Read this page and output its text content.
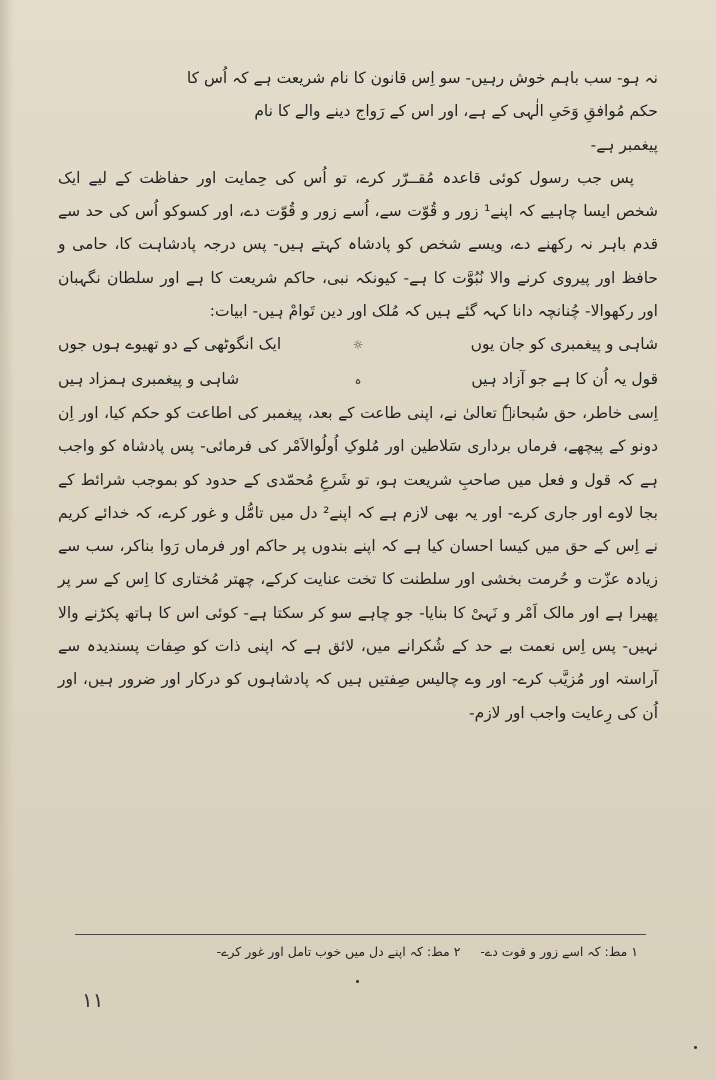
نہ ہو- سب باہم خوش رہیں- سو اِس قانون کا نام شریعت ہے کہ اُس کا

حکم مُوافقِ وَحَیِ الٰہی کے ہے، اور اس کے رَواج دینے والے کا نام

پیغمبر ہے-

پس جب رسول کوئی قاعدہ مُقــرّر کرے، تو اُس کی حِمایت اور حفاظت کے لیے ایک شخص ایسا چاہیے کہ اپنے¹ زور و قُوّت سے، اُسے زور و قُوّت دے، اور کسوکو اُس کی حد سے قدم باہر نہ رکھنے دے، ویسے شخص کو پادشاہ کہتے ہیں- پس درجہ پادشاہت کا، حامی و حافظ اور پیروی کرنے والا نُبُوَّت کا ہے- کیونکہ نبی، حاکم شریعت کا ہے اور سلطان نگہبان اور رکھوالا- چُنانچہ دانا کہہ گئے ہیں کہ مُلک اور دین تَوامْ ہیں- ابیات:

شاہی و پیغمبری کو جان یوں
☼
ایک انگوٹھی کے دو تھیوے ہوں جوں
قول یہ اُن کا ہے جو آزاد ہیں
ہ
شاہی و پیغمبری ہمزاد ہیں

اِسی خاطر، حق سُبحانہٗ تعالیٰ نے، اپنی طاعت کے بعد، پیغمبر کی اطاعت کو حکم کیا، اور اِن دونو کے پیچھے، فرماں برداری سَلاطین اور مُلوکِ اُولُوالاَمْر کی فرمائی- پس پادشاہ کو واجب ہے کہ قول و فعل میں صاحبِ شریعت ہو، تو شَرعِ مُحمّدی کے حدود کو بموجب شرائط کے بجا لاوے اور جاری کرے- اور یہ بھی لازم ہے کہ اپنے² دل میں تامُّل و غور کرے، کہ خدائے کریم نے اِس کے حق میں کیسا احسان کیا ہے کہ اپنے بندوں پر حاکم اور فرماں رَوا بناکر، سب سے زیادہ عزّت و حُرمت بخشی اور سلطنت کا تخت عنایت کرکے، چھتر مُختاری کا اِس کے سر پر پھیرا ہے اور مالک اَمْر و نَہیْ کا بنایا- جو چاہے سو کر سکتا ہے- کوئی اس کا ہاتھ پکڑنے والا نہیں- پس اِس نعمت بے حد کے شُکرانے میں، لائق ہے کہ اپنی ذات کو صِفات پسندیدہ سے آراستہ اور مُزیَّب کرے- اور وے چالیس صِفتیں ہیں کہ پادشاہوں کو درکار اور ضرور ہیں، اور اُن کی رِعایت واجب اور لازم-

۱ مط: کہ اسے زور و قوت دے- ۲ مط: کہ اپنے دل میں خوب تامل اور غور کرے-
۱۱
